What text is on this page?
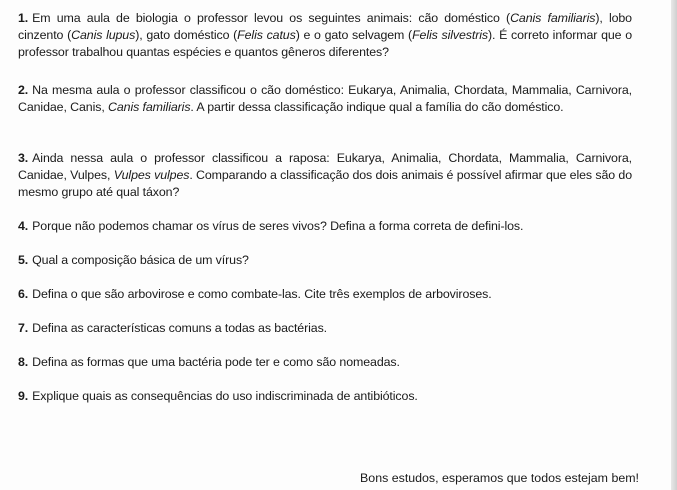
1. Em uma aula de biologia o professor levou os seguintes animais: cão doméstico (Canis familiaris), lobo cinzento (Canis lupus), gato doméstico (Felis catus) e o gato selvagem (Felis silvestris). É correto informar que o professor trabalhou quantas espécies e quantos gêneros diferentes?
2. Na mesma aula o professor classificou o cão doméstico: Eukarya, Animalia, Chordata, Mammalia, Carnivora, Canidae, Canis, Canis familiaris. A partir dessa classificação indique qual a família do cão doméstico.
3. Ainda nessa aula o professor classificou a raposa: Eukarya, Animalia, Chordata, Mammalia, Carnivora, Canidae, Vulpes, Vulpes vulpes. Comparando a classificação dos dois animais é possível afirmar que eles são do mesmo grupo até qual táxon?
4. Porque não podemos chamar os vírus de seres vivos? Defina a forma correta de defini-los.
5. Qual a composição básica de um vírus?
6. Defina o que são arbovirose e como combate-las. Cite três exemplos de arboviroses.
7. Defina as características comuns a todas as bactérias.
8. Defina as formas que uma bactéria pode ter e como são nomeadas.
9. Explique quais as consequências do uso indiscriminada de antibióticos.
Bons estudos, esperamos que todos estejam bem!
